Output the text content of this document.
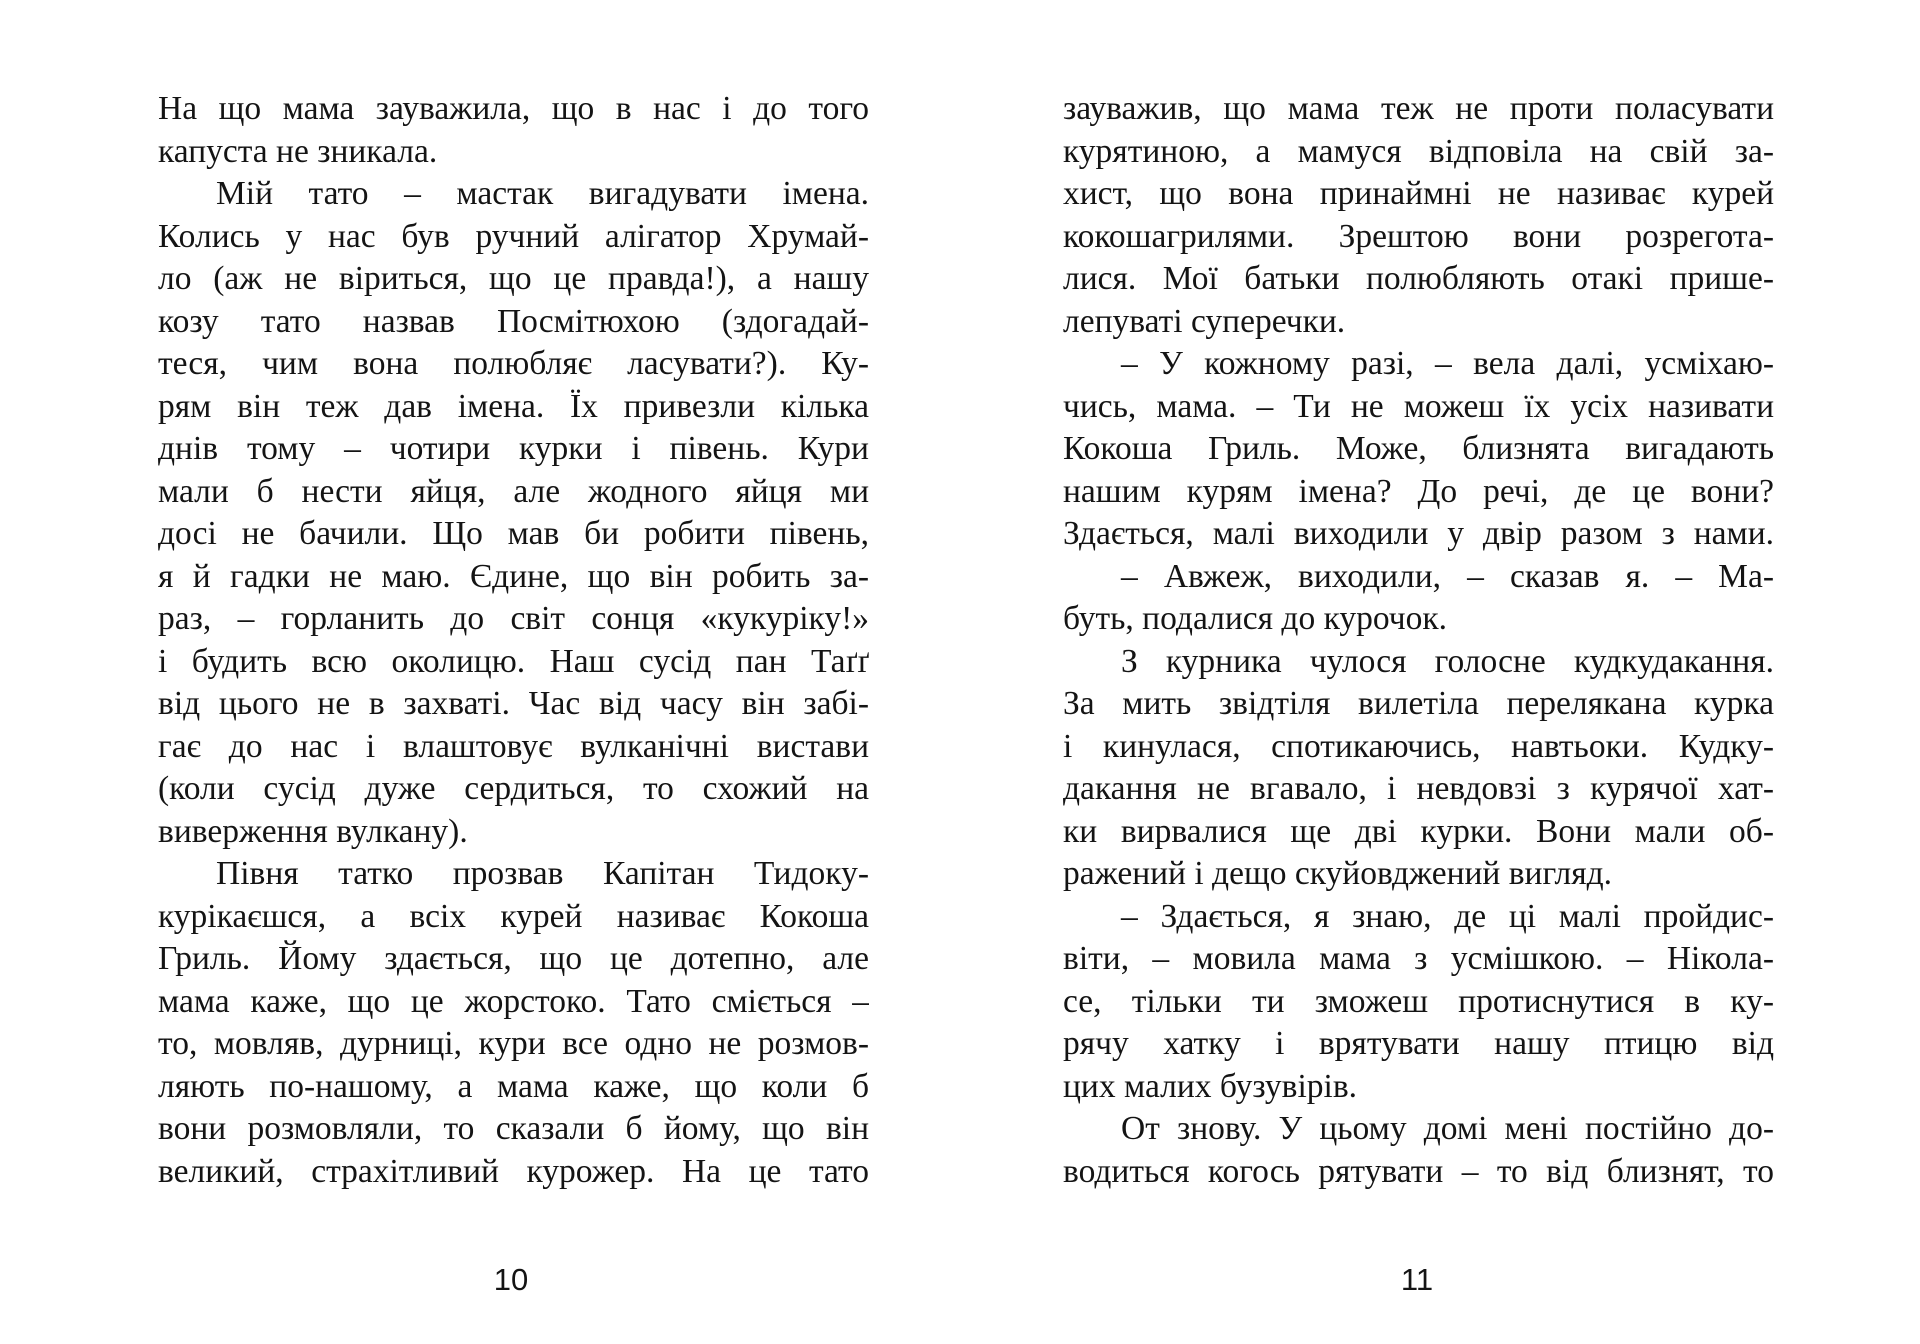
На що мама зауважила, що в нас і до того
капуста не зникала.
Мій тато – мастак вигадувати імена.
Колись у нас був ручний алігатор Хрумай-
ло (аж не віриться, що це правда!), а нашу
козу тато назвав Посмітюхою (здогадай-
теся, чим вона полюбляє ласувати?). Ку-
рям він теж дав імена. Їх привезли кілька
днів тому – чотири курки і півень. Кури
мали б нести яйця, але жодного яйця ми
досі не бачили. Що мав би робити півень,
я й гадки не маю. Єдине, що він робить за-
раз, – горланить до світ сонця «кукуріку!»
і будить всю околицю. Наш сусід пан Таґґ
від цього не в захваті. Час від часу він забі-
гає до нас і влаштовує вулканічні вистави
(коли сусід дуже сердиться, то схожий на
виверження вулкану).
Півня татко прозвав Капітан Тидоку-
курікаєшся, а всіх курей називає Кокоша
Гриль. Йому здається, що це дотепно, але
мама каже, що це жорстоко. Тато сміється –
то, мовляв, дурниці, кури все одно не розмов-
ляють по-нашому, а мама каже, що коли б
вони розмовляли, то сказали б йому, що він
великий, страхітливий курожер. На це тато
10
зауважив, що мама теж не проти поласувати
курятиною, а мамуся відповіла на свій за-
хист, що вона принаймні не називає курей
кокошагрилями. Зрештою вони розрегота-
лися. Мої батьки полюбляють отакі пришe-
лепуваті суперечки.
– У кожному разі, – вела далі, усміхаю-
чись, мама. – Ти не можеш їх усіх називати
Кокоша Гриль. Може, близнята вигадають
нашим курям імена? До речі, де це вони?
Здається, малі виходили у двір разом з нами.
– Авжеж, виходили, – сказав я. – Ма-
буть, подалися до курочок.
З курника чулося голосне кудкудакання.
За мить звідтіля вилетіла перелякана курка
і кинулася, спотикаючись, навтьоки. Кудку-
дакання не вгавало, і невдовзі з курячої хат-
ки вирвалися ще дві курки. Вони мали об-
ражений і дещо скуйовджений вигляд.
– Здається, я знаю, де ці малі пройдис-
віти, – мовила мама з усмішкою. – Ніколa-
се, тільки ти зможеш протиснутися в ку-
рячу хатку і врятувати нашу птицю від
цих малих бузувірів.
От знову. У цьому домі мені постійно до-
водиться когось рятувати – то від близнят, то
11
